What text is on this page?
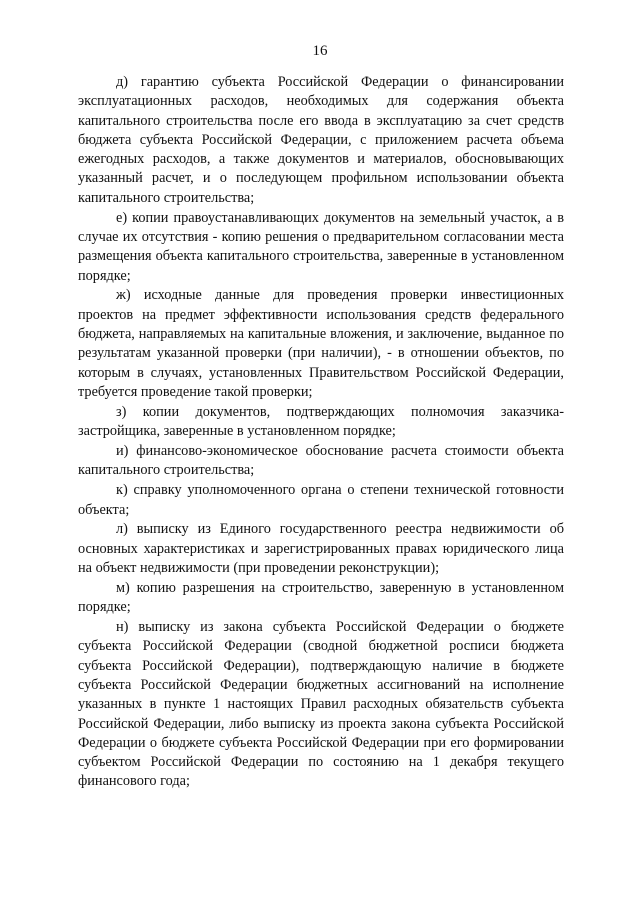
16

д) гарантию субъекта Российской Федерации о финансировании эксплуатационных расходов, необходимых для содержания объекта капитального строительства после его ввода в эксплуатацию за счет средств бюджета субъекта Российской Федерации, с приложением расчета объема ежегодных расходов, а также документов и материалов, обосновывающих указанный расчет, и о последующем профильном использовании объекта капитального строительства;

е) копии правоустанавливающих документов на земельный участок, а в случае их отсутствия - копию решения о предварительном согласовании места размещения объекта капитального строительства, заверенные в установленном порядке;

ж) исходные данные для проведения проверки инвестиционных проектов на предмет эффективности использования средств федерального бюджета, направляемых на капитальные вложения, и заключение, выданное по результатам указанной проверки (при наличии), - в отношении объектов, по которым в случаях, установленных Правительством Российской Федерации, требуется проведение такой проверки;

з) копии документов, подтверждающих полномочия заказчика-застройщика, заверенные в установленном порядке;

и) финансово-экономическое обоснование расчета стоимости объекта капитального строительства;

к) справку уполномоченного органа о степени технической готовности объекта;

л) выписку из Единого государственного реестра недвижимости об основных характеристиках и зарегистрированных правах юридического лица на объект недвижимости (при проведении реконструкции);

м) копию разрешения на строительство, заверенную в установленном порядке;

н) выписку из закона субъекта Российской Федерации о бюджете субъекта Российской Федерации (сводной бюджетной росписи бюджета субъекта Российской Федерации), подтверждающую наличие в бюджете субъекта Российской Федерации бюджетных ассигнований на исполнение указанных в пункте 1 настоящих Правил расходных обязательств субъекта Российской Федерации, либо выписку из проекта закона субъекта Российской Федерации о бюджете субъекта Российской Федерации при его формировании субъектом Российской Федерации по состоянию на 1 декабря текущего финансового года;
